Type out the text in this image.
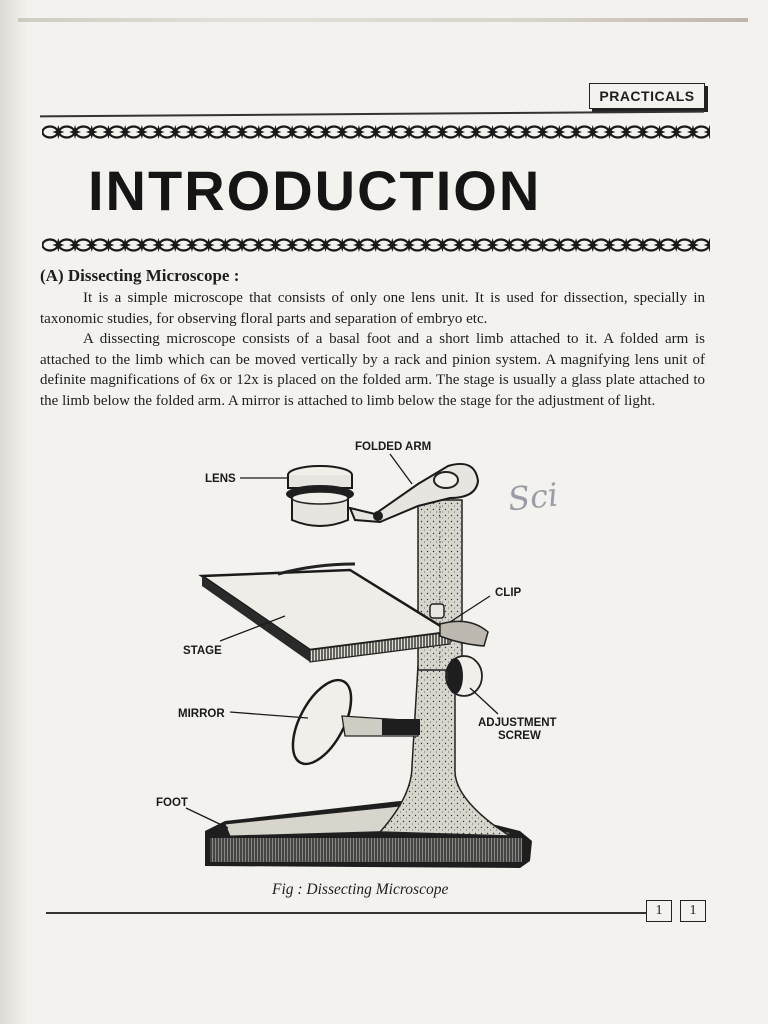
PRACTICALS
INTRODUCTION
(A) Dissecting Microscope :
It is a simple microscope that consists of only one lens unit. It is used for dissection, specially in taxonomic studies, for observing floral parts and separation of embryo etc.
A dissecting microscope consists of a basal foot and a short limb attached to it. A folded arm is attached to the limb which can be moved vertically by a rack and pinion system. A magnifying lens unit of definite magnifications of 6x or 12x is placed on the folded arm. The stage is usually a glass plate attached to the limb below the folded arm. A mirror is attached to limb below the stage for the adjustment of light.
Sci
FOLDED ARM
LENS
CLIP
STAGE
MIRROR
ADJUSTMENT
SCREW
FOOT
Fig : Dissecting Microscope
1	1
